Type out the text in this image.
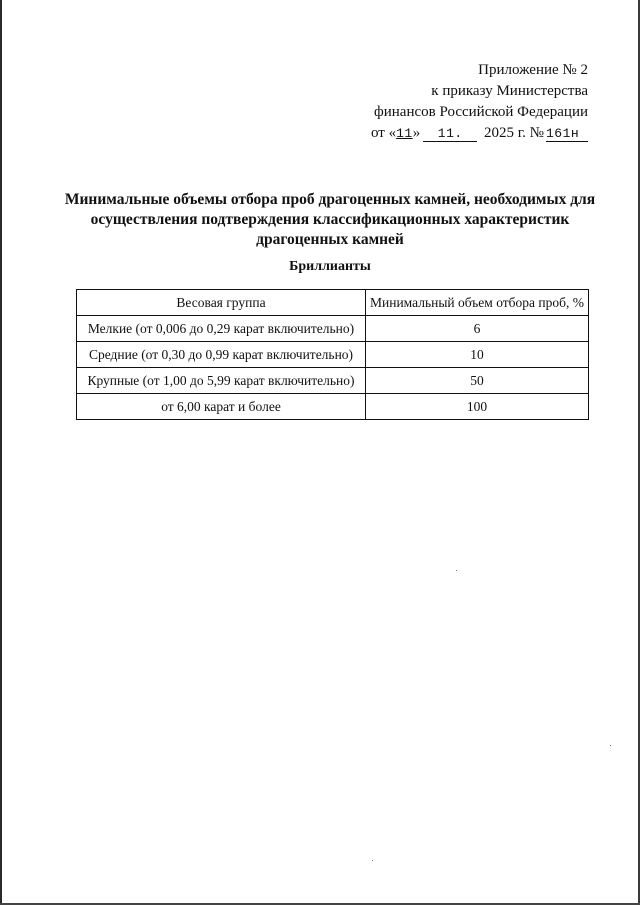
Приложение № 2
к приказу Министерства
финансов Российской Федерации
от «11» 11. 2025 г. № 161н
Минимальные объемы отбора проб драгоценных камней, необходимых для
осуществления подтверждения классификационных характеристик
драгоценных камней
Бриллианты
Весовая группа	Минимальный объем отбора проб, %
Мелкие (от 0,006 до 0,29 карат включительно)	6
Средние (от 0,30 до 0,99 карат включительно)	10
Крупные (от 1,00 до 5,99 карат включительно)	50
от 6,00 карат и более	100
